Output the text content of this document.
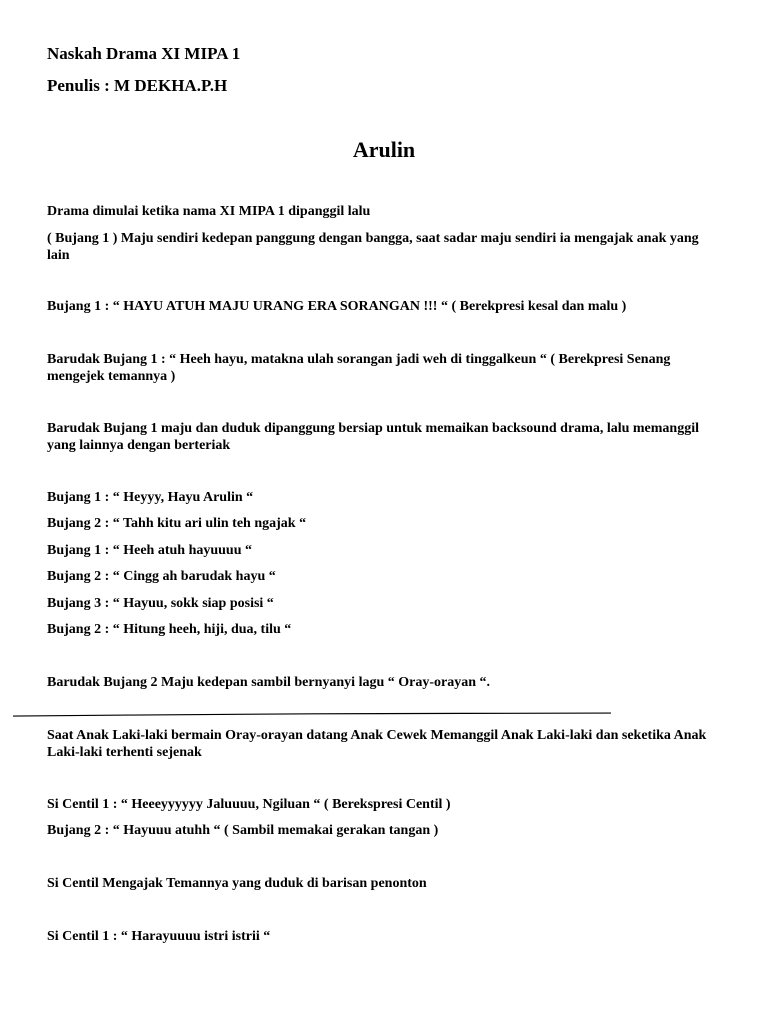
Naskah Drama XI MIPA 1
Penulis : M DEKHA.P.H
Arulin
Drama dimulai ketika nama XI MIPA 1 dipanggil lalu
( Bujang 1 ) Maju sendiri kedepan panggung dengan bangga, saat sadar maju sendiri ia mengajak anak yang lain
Bujang 1 : “ HAYU ATUH MAJU URANG ERA SORANGAN !!! “ ( Berekpresi kesal dan malu )
Barudak Bujang 1 : “ Heeh hayu, matakna ulah sorangan jadi weh di tinggalkeun “ ( Berekpresi Senang mengejek temannya )
Barudak Bujang 1 maju dan duduk dipanggung bersiap untuk memaikan backsound drama, lalu memanggil yang lainnya dengan berteriak
Bujang 1 : “ Heyyy, Hayu Arulin “
Bujang 2 : “ Tahh kitu ari ulin teh ngajak “
Bujang 1 : “ Heeh atuh hayuuuu “
Bujang 2 : “ Cingg ah barudak hayu “
Bujang 3 : “ Hayuu, sokk siap posisi “
Bujang 2 : “ Hitung heeh, hiji, dua, tilu “
Barudak Bujang 2 Maju kedepan sambil bernyanyi lagu “ Oray-orayan “.
Saat Anak Laki-laki bermain Oray-orayan datang Anak Cewek Memanggil Anak Laki-laki dan seketika Anak Laki-laki terhenti sejenak
Si Centil 1 : “ Heeeyyyyyy Jaluuuu, Ngiluan “ ( Berekspresi Centil )
Bujang 2 : “ Hayuuu atuhh “ ( Sambil memakai gerakan tangan )
Si Centil Mengajak Temannya yang duduk di barisan penonton
Si Centil 1 : “ Harayuuuu istri istrii “
